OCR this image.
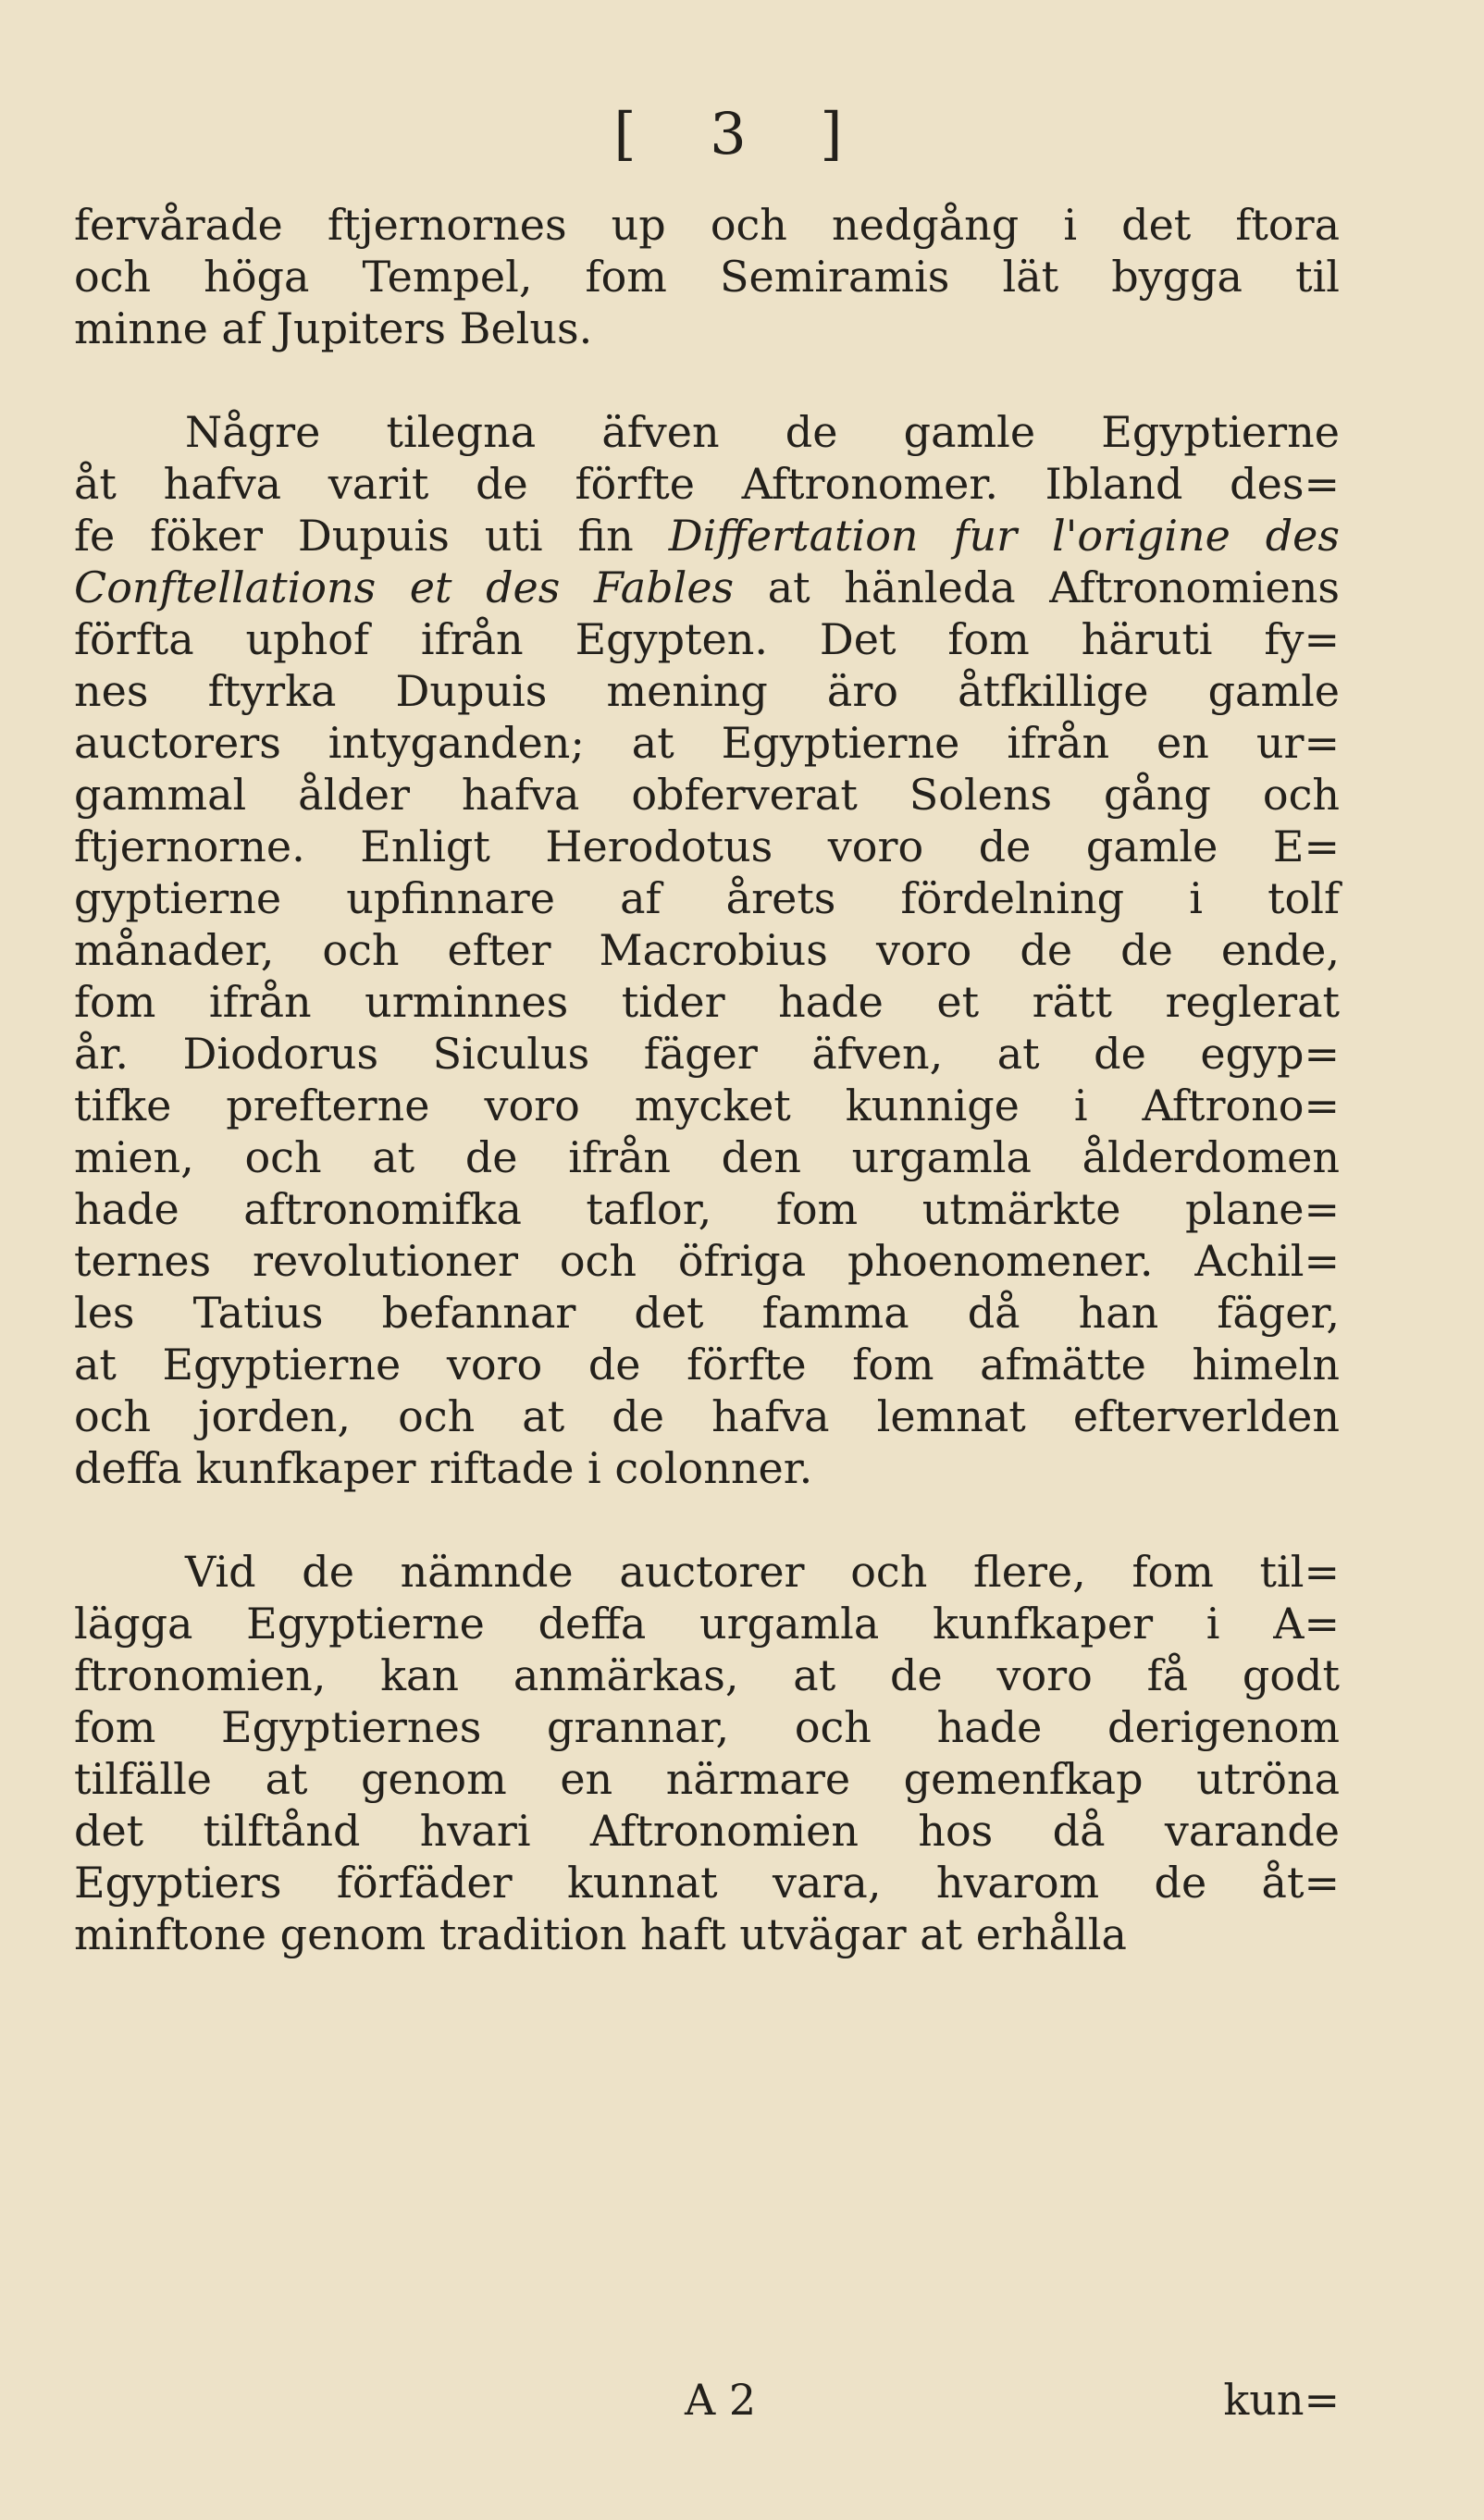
[ 3 ]
fervårade ftjernornes up och nedgång i det ftora
och höga Tempel, fom Semiramis lät bygga til
minne af Jupiters Belus.
Någre tilegna äfven de gamle Egyptierne
åt hafva varit de förfte Aftronomer. Ibland des=
fe föker Dupuis uti fin Differtation fur l'origine des
Conftellations et des Fables at hänleda Aftronomiens
förfta uphof ifrån Egypten. Det fom häruti fy=
nes ftyrka Dupuis mening äro åtfkillige gamle
auctorers intyganden; at Egyptierne ifrån en ur=
gammal ålder hafva obferverat Solens gång och
ftjernorne. Enligt Herodotus voro de gamle E=
gyptierne upfinnare af årets fördelning i tolf
månader, och efter Macrobius voro de de ende,
fom ifrån urminnes tider hade et rätt reglerat
år. Diodorus Siculus fäger äfven, at de egyp=
tifke prefterne voro mycket kunnige i Aftrono=
mien, och at de ifrån den urgamla ålderdomen
hade aftronomifka taflor, fom utmärkte plane=
ternes revolutioner och öfriga phoenomener. Achil=
les Tatius befannar det famma då han fäger,
at Egyptierne voro de förfte fom afmätte himeln
och jorden, och at de hafva lemnat efterverlden
deffa kunfkaper riftade i colonner.
Vid de nämnde auctorer och flere, fom til=
lägga Egyptierne deffa urgamla kunfkaper i A=
ftronomien, kan anmärkas, at de voro få godt
fom Egyptiernes grannar, och hade derigenom
tilfälle at genom en närmare gemenfkap utröna
det tilftånd hvari Aftronomien hos då varande
Egyptiers förfäder kunnat vara, hvarom de åt=
minftone genom tradition haft utvägar at erhålla
A 2	kun=
